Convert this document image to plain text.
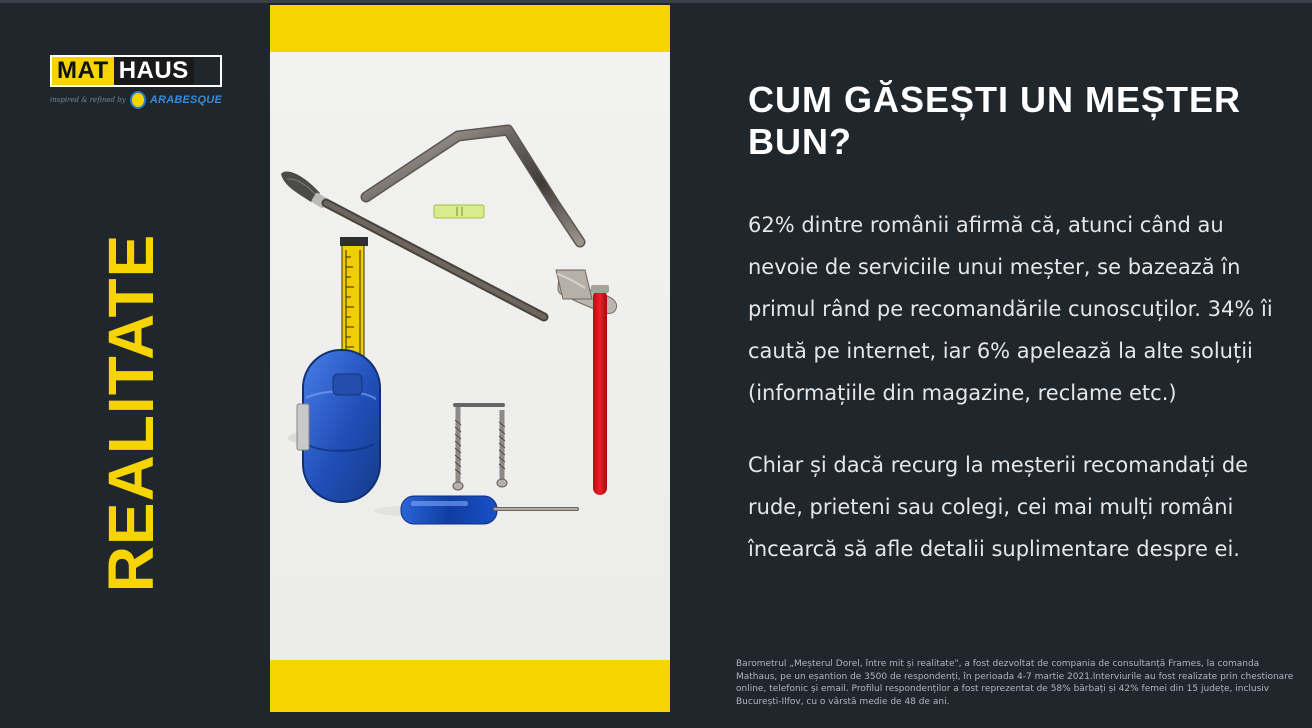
MAT HAUS
inspired & refined by ARABESQUE
REALITATE
CUM GĂSEȘTI UN MEȘTER BUN?

62% dintre românii afirmă că, atunci când au nevoie de serviciile unui meșter, se bazează în primul rând pe recomandările cunoscuților. 34% îi caută pe internet, iar 6% apelează la alte soluții (informațiile din magazine, reclame etc.)

Chiar și dacă recurg la meșterii recomandați de rude, prieteni sau colegi, cei mai mulți români încearcă să afle detalii suplimentare despre ei.

Barometrul „Meșterul Dorel, între mit și realitate", a fost dezvoltat de compania de consultanță Frames, la comanda Mathaus, pe un eșantion de 3500 de respondenți, în perioada 4-7 martie 2021.Interviurile au fost realizate prin chestionare online, telefonic și email. Profilul respondenților a fost reprezentat de 58% bărbați și 42% femei din 15 județe, inclusiv București-Ilfov, cu o vârstă medie de 48 de ani.
